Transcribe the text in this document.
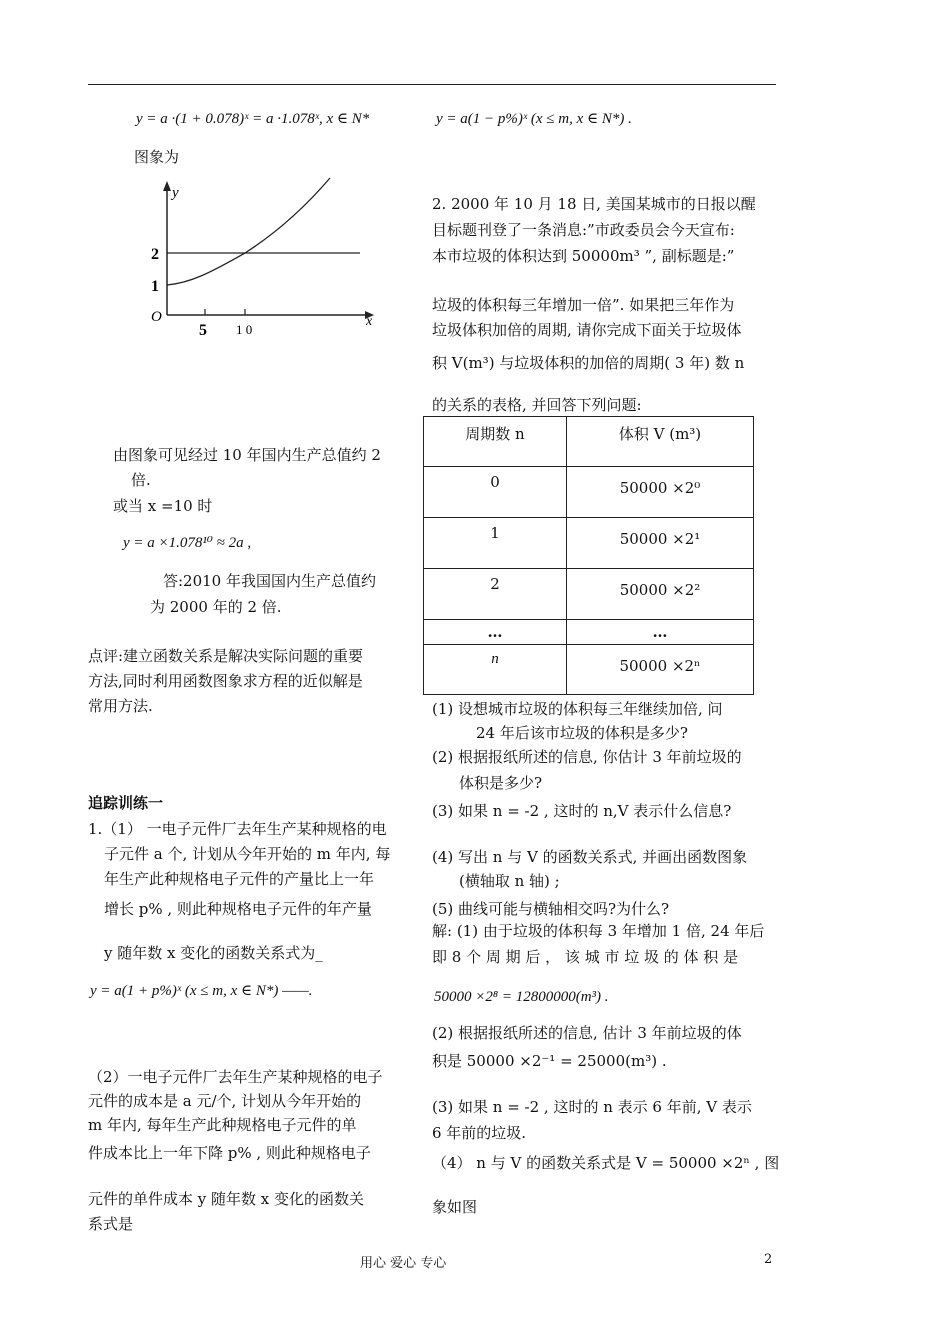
y = a ·(1 + 0.078)ˣ = a ·1.078ˣ, x ∈ N*	y = a(1 − p%)ˣ (x ≤ m, x ∈ N*) .
图象为
y
x
O
2
1
5 1 0
由图象可见经过 10 年国内生产总值约 2
倍.
或当 x =10 时
y = a ×1.078¹⁰ ≈ 2a ,
答:2010 年我国国内生产总值约
为 2000 年的 2 倍.
点评:建立函数关系是解决实际问题的重要
方法,同时利用函数图象求方程的近似解是
常用方法.
追踪训练一
1.（1） 一电子元件厂去年生产某种规格的电
子元件 a 个, 计划从今年开始的 m 年内, 每
年生产此种规格电子元件的产量比上一年
增长 p% , 则此种规格电子元件的年产量
y 随年数 x 变化的函数关系式为_
y = a(1 + p%)ˣ (x ≤ m, x ∈ N*) ——.
（2）一电子元件厂去年生产某种规格的电子
元件的成本是 a 元/个, 计划从今年开始的
m 年内, 每年生产此种规格电子元件的单
件成本比上一年下降 p% , 则此种规格电子
元件的单件成本 y 随年数 x 变化的函数关
系式是
2. 2000 年 10 月 18 日, 美国某城市的日报以醒
目标题刊登了一条消息:”市政委员会今天宣布:
本市垃圾的体积达到 50000m³ ”, 副标题是:”
垃圾的体积每三年增加一倍”. 如果把三年作为
垃圾体积加倍的周期, 请你完成下面关于垃圾体
积 V(m³) 与垃圾体积的加倍的周期( 3 年) 数 n
的关系的表格, 并回答下列问题:
周期数 n	体积 V (m³)

0	50000 ×2⁰

1	50000 ×2¹

2	50000 ×2²

…	…

n	50000 ×2ⁿ
(1) 设想城市垃圾的体积每三年继续加倍, 问
24 年后该市垃圾的体积是多少?
(2) 根据报纸所述的信息, 你估计 3 年前垃圾的
体积是多少?
(3) 如果 n = -2 , 这时的 n,V 表示什么信息?
(4) 写出 n 与 V 的函数关系式, 并画出函数图象
(横轴取 n 轴) ;
(5) 曲线可能与横轴相交吗?为什么?
解: (1) 由于垃圾的体积每 3 年增加 1 倍, 24 年后
即 8 个 周 期 后 ， 该 城 市 垃 圾 的 体 积 是
50000 ×2⁸ = 12800000(m³) .
(2) 根据报纸所述的信息, 估计 3 年前垃圾的体
积是 50000 ×2⁻¹ = 25000(m³) .
(3) 如果 n = -2 , 这时的 n 表示 6 年前, V 表示
6 年前的垃圾.
（4） n 与 V 的函数关系式是 V = 50000 ×2ⁿ , 图
象如图
用心 爱心 专心	2
